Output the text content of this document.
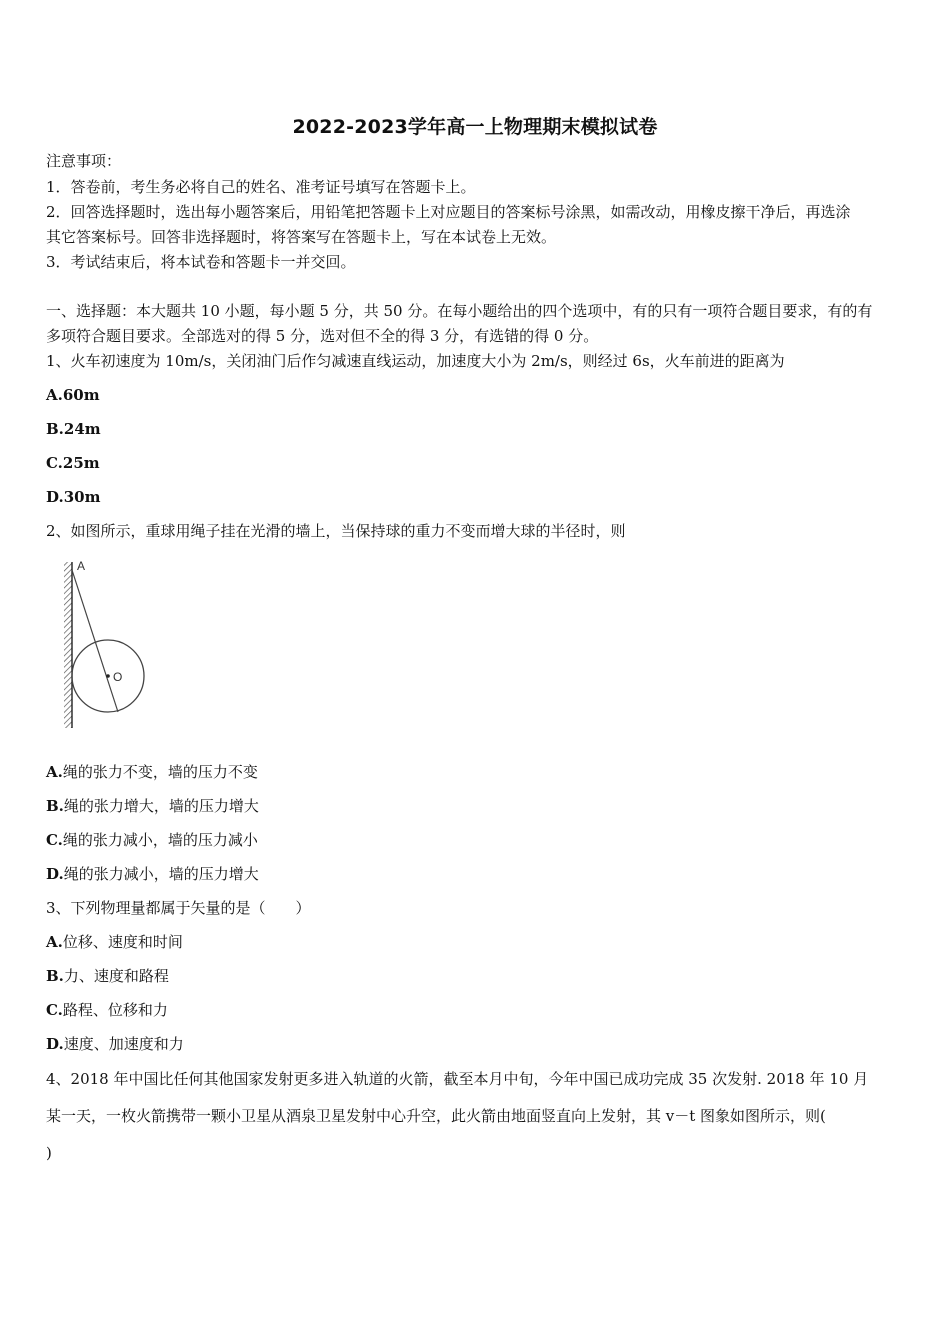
2022-2023学年高一上物理期末模拟试卷
注意事项：
1．答卷前，考生务必将自己的姓名、准考证号填写在答题卡上。
2．回答选择题时，选出每小题答案后，用铅笔把答题卡上对应题目的答案标号涂黑，如需改动，用橡皮擦干净后，再选涂
其它答案标号。回答非选择题时，将答案写在答题卡上，写在本试卷上无效。
3．考试结束后，将本试卷和答题卡一并交回。
一、选择题：本大题共 10 小题，每小题 5 分，共 50 分。在每小题给出的四个选项中，有的只有一项符合题目要求，有的有
多项符合题目要求。全部选对的得 5 分，选对但不全的得 3 分，有选错的得 0 分。
1、火车初速度为 10m/s，关闭油门后作匀减速直线运动，加速度大小为 2m/s，则经过 6s，火车前进的距离为
A.60m
B.24m
C.25m
D.30m
2、如图所示，重球用绳子挂在光滑的墙上，当保持球的重力不变而增大球的半径时，则
A
O
A.绳的张力不变，墙的压力不变
B.绳的张力增大，墙的压力增大
C.绳的张力减小，墙的压力减小
D.绳的张力减小，墙的压力增大
3、下列物理量都属于矢量的是（　　）
A.位移、速度和时间
B.力、速度和路程
C.路程、位移和力
D.速度、加速度和力
4、2018 年中国比任何其他国家发射更多进入轨道的火箭，截至本月中旬，今年中国已成功完成 35 次发射. 2018 年 10 月
某一天，一枚火箭携带一颗小卫星从酒泉卫星发射中心升空，此火箭由地面竖直向上发射，其 v－t 图象如图所示，则(
)
